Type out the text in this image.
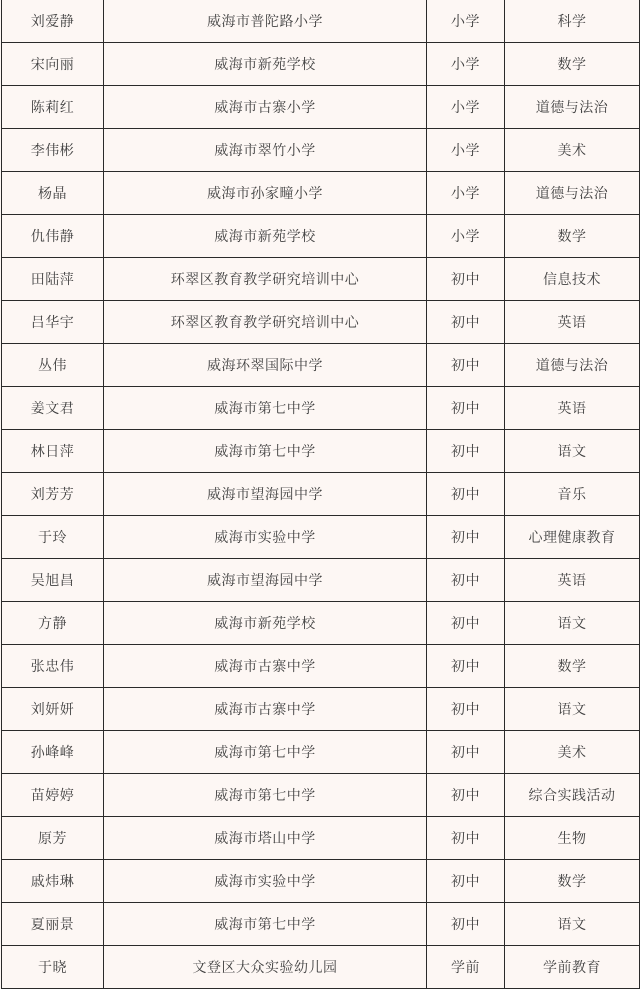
刘爱静	威海市普陀路小学	小学	科学
宋向丽	威海市新苑学校	小学	数学
陈莉红	威海市古寨小学	小学	道德与法治
李伟彬	威海市翠竹小学	小学	美术
杨晶	威海市孙家疃小学	小学	道德与法治
仇伟静	威海市新苑学校	小学	数学
田陆萍	环翠区教育教学研究培训中心	初中	信息技术
吕华宇	环翠区教育教学研究培训中心	初中	英语
丛伟	威海环翠国际中学	初中	道德与法治
姜文君	威海市第七中学	初中	英语
林日萍	威海市第七中学	初中	语文
刘芳芳	威海市望海园中学	初中	音乐
于玲	威海市实验中学	初中	心理健康教育
吴旭昌	威海市望海园中学	初中	英语
方静	威海市新苑学校	初中	语文
张忠伟	威海市古寨中学	初中	数学
刘妍妍	威海市古寨中学	初中	语文
孙峰峰	威海市第七中学	初中	美术
苗婷婷	威海市第七中学	初中	综合实践活动
原芳	威海市塔山中学	初中	生物
戚炜琳	威海市实验中学	初中	数学
夏丽景	威海市第七中学	初中	语文
于晓	文登区大众实验幼儿园	学前	学前教育
